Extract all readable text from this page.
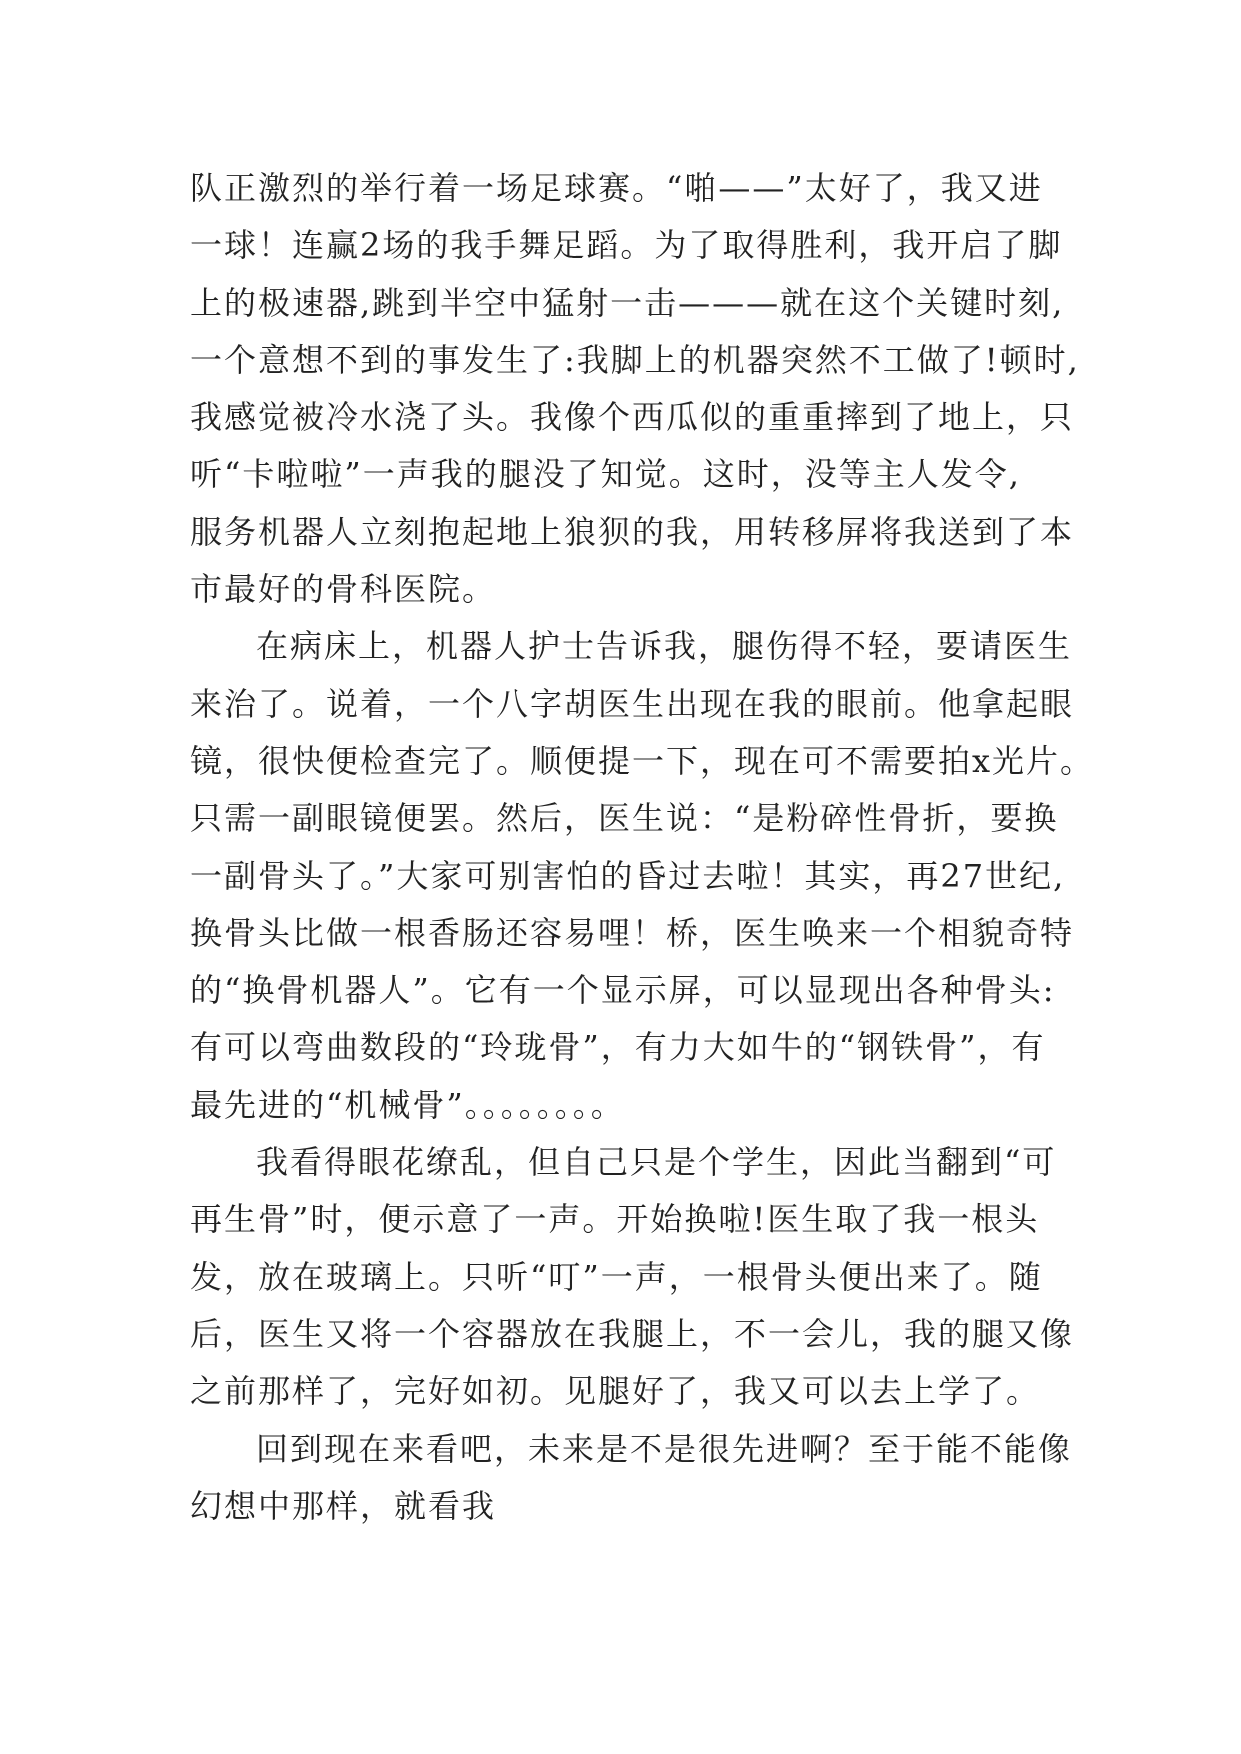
队正激烈的举行着一场足球赛。“啪——”太好了，我又进
一球！连赢2场的我手舞足蹈。为了取得胜利，我开启了脚
上的极速器,跳到半空中猛射一击———就在这个关键时刻,
一个意想不到的事发生了:我脚上的机器突然不工做了!顿时,
我感觉被冷水浇了头。我像个西瓜似的重重摔到了地上，只
听“卡啦啦”一声我的腿没了知觉。这时，没等主人发令,
服务机器人立刻抱起地上狼狈的我，用转移屏将我送到了本
市最好的骨科医院。
在病床上，机器人护士告诉我，腿伤得不轻，要请医生
来治了。说着，一个八字胡医生出现在我的眼前。他拿起眼
镜，很快便检查完了。顺便提一下，现在可不需要拍x光片。
只需一副眼镜便罢。然后，医生说：“是粉碎性骨折，要换
一副骨头了。”大家可别害怕的昏过去啦！其实，再27世纪,
换骨头比做一根香肠还容易哩！桥，医生唤来一个相貌奇特
的“换骨机器人”。它有一个显示屏，可以显现出各种骨头:
有可以弯曲数段的“玲珑骨”，有力大如牛的“钢铁骨”，有
最先进的“机械骨”。。。。。。。。
我看得眼花缭乱，但自己只是个学生，因此当翻到“可
再生骨”时，便示意了一声。开始换啦!医生取了我一根头
发，放在玻璃上。只听“叮”一声，一根骨头便出来了。随
后，医生又将一个容器放在我腿上，不一会儿，我的腿又像
之前那样了，完好如初。见腿好了，我又可以去上学了。
回到现在来看吧，未来是不是很先进啊？至于能不能像
幻想中那样，就看我
